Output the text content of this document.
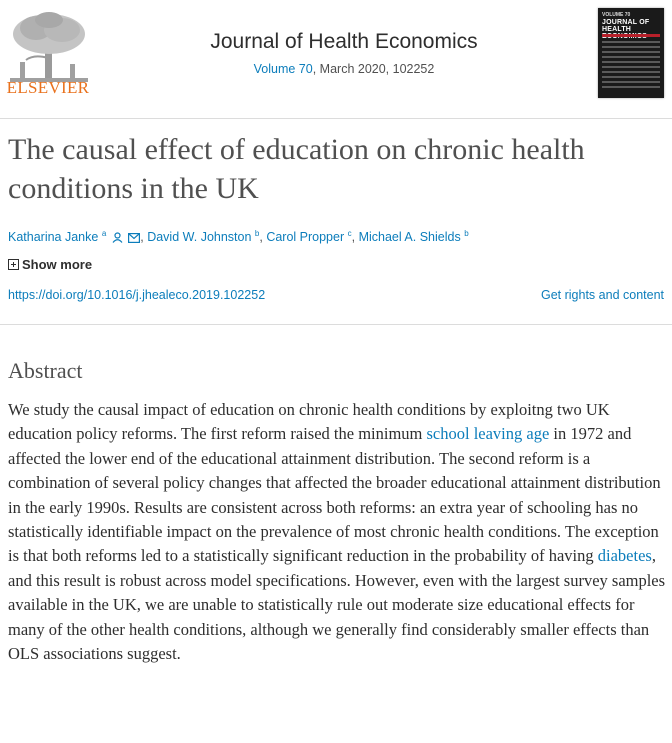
ELSEVIER
Journal of Health Economics
Volume 70, March 2020, 102252
VOLUME 70
JOURNAL OF
HEALTH
The causal effect of education on chronic health conditions in the UK
Katharina Janke $^a$	, David W. Johnston $^b$, Carol Propper $^c$, Michael A. Shields $^b$
Show more
https://doi.org/10.1016/j.jhealeco.2019.102252	Get rights and content
Abstract

We study the causal impact of education on chronic health conditions by exploitng two UK education policy reforms. The first reform raised the minimum school leaving age in 1972 and affected the lower end of the educational attainment distribution. The second reform is a combination of several policy changes that affected the broader educational attainment distribution in the early 1990s. Results are consistent across both reforms: an extra year of schooling has no statistically identifiable impact on the prevalence of most chronic health conditions. The exception is that both reforms led to a statistically significant reduction in the probability of having diabetes, and this result is robust across model specifications. However, even with the largest survey samples available in the UK, we are unable to statistically rule out moderate size educational effects for many of the other health conditions, although we generally find considerably smaller effects than OLS associations suggest.
